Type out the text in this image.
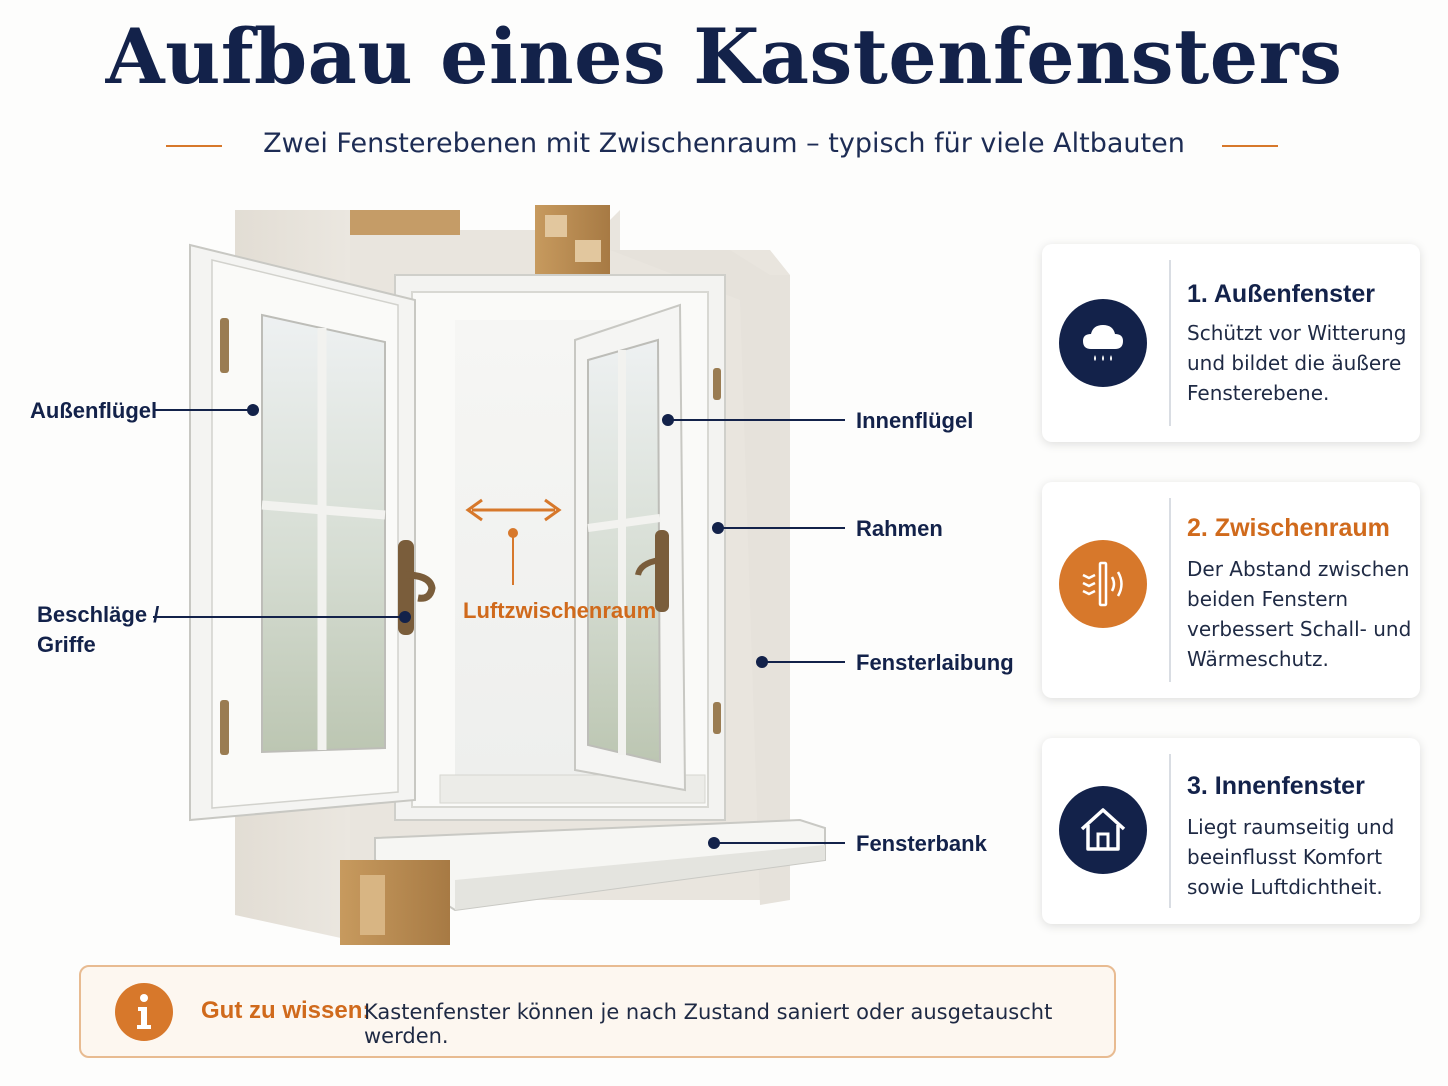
Aufbau eines Kastenfensters
Zwei Fensterebenen mit Zwischenraum – typisch für viele Altbauten
Außenflügel
Beschläge /
Griffe
Luftzwischenraum
Innenflügel
Rahmen
Fensterlaibung
Fensterbank
1. Außenfenster
Schützt vor Witterung und bildet die äußere Fensterebene.
2. Zwischenraum
Der Abstand zwischen beiden Fenstern verbessert Schall- und Wärmeschutz.
3. Innenfenster
Liegt raumseitig und beeinflusst Komfort sowie Luftdichtheit.
Gut zu wissen:
Kastenfenster können je nach Zustand saniert oder ausgetauscht werden.
